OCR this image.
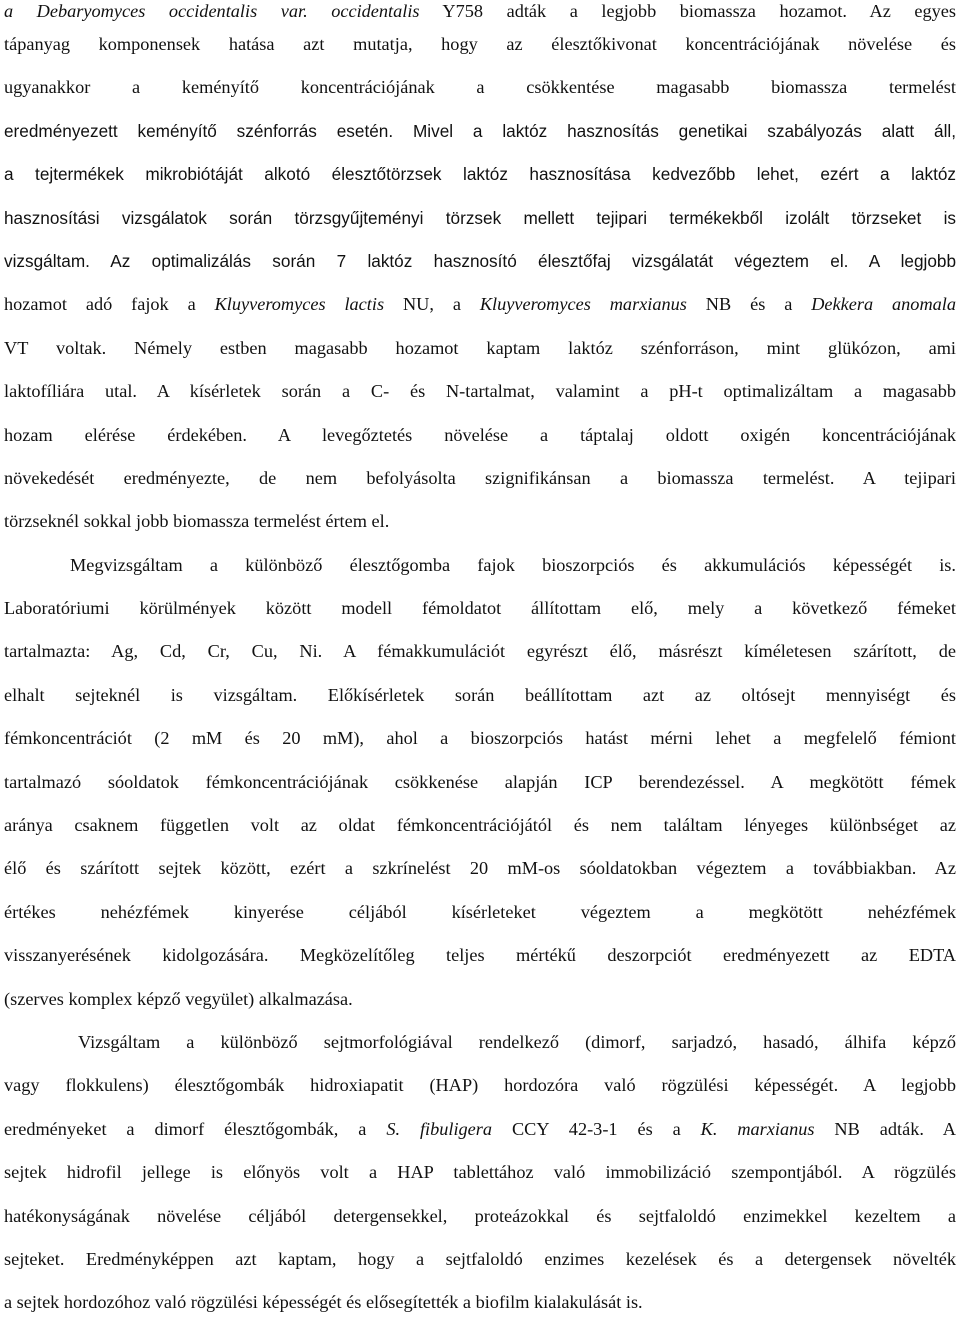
a Debaryomyces occidentalis var. occidentalis Y758 adták a legjobb biomassza hozamot. Az egyes
tápanyag komponensek hatása azt mutatja, hogy az élesztőkivonat koncentrációjának növelése és
ugyanakkor a keményítő koncentrációjának a csökkentése magasabb biomassza termelést
eredményezett keményítő szénforrás esetén. Mivel a laktóz hasznosítás genetikai szabályozás alatt áll,
a tejtermékek mikrobiótáját alkotó élesztőtörzsek laktóz hasznosítása kedvezőbb lehet, ezért a laktóz
hasznosítási vizsgálatok során törzsgyűjteményi törzsek mellett tejipari termékekből izolált törzseket is
vizsgáltam. Az optimalizálás során 7 laktóz hasznosító élesztőfaj vizsgálatát végeztem el. A legjobb
hozamot adó fajok a Kluyveromyces lactis NU, a Kluyveromyces marxianus NB és a Dekkera anomala
VT voltak. Némely estben magasabb hozamot kaptam laktóz szénforráson, mint glükózon, ami
laktofíliára utal. A kísérletek során a C- és N-tartalmat, valamint a pH-t optimalizáltam a magasabb
hozam elérése érdekében. A levegőztetés növelése a táptalaj oldott oxigén koncentrációjának
növekedését eredményezte, de nem befolyásolta szignifikánsan a biomassza termelést. A tejipari
törzseknél sokkal jobb biomassza termelést értem el.
Megvizsgáltam a különböző élesztőgomba fajok bioszorpciós és akkumulációs képességét is.
Laboratóriumi körülmények között modell fémoldatot állítottam elő, mely a következő fémeket
tartalmazta: Ag, Cd, Cr, Cu, Ni. A fémakkumulációt egyrészt élő, másrészt kíméletesen szárított, de
elhalt sejteknél is vizsgáltam. Előkísérletek során beállítottam azt az oltósejt mennyiségt és
fémkoncentrációt (2 mM és 20 mM), ahol a bioszorpciós hatást mérni lehet a megfelelő fémiont
tartalmazó sóoldatok fémkoncentrációjának csökkenése alapján ICP berendezéssel. A megkötött fémek
aránya csaknem független volt az oldat fémkoncentrációjától és nem találtam lényeges különbséget az
élő és szárított sejtek között, ezért a szkrínelést 20 mM-os sóoldatokban végeztem a továbbiakban. Az
értékes nehézfémek kinyerése céljából kísérleteket végeztem a megkötött nehézfémek
visszanyerésének kidolgozására. Megközelítőleg teljes mértékű deszorpciót eredményezett az EDTA
(szerves komplex képző vegyület) alkalmazása.
Vizsgáltam a különböző sejtmorfológiával rendelkező (dimorf, sarjadzó, hasadó, álhifa képző
vagy flokkulens) élesztőgombák hidroxiapatit (HAP) hordozóra való rögzülési képességét. A legjobb
eredményeket a dimorf élesztőgombák, a S. fibuligera CCY 42-3-1 és a K. marxianus NB adták. A
sejtek hidrofil jellege is előnyös volt a HAP tablettához való immobilizáció szempontjából. A rögzülés
hatékonyságának növelése céljából detergensekkel, proteázokkal és sejtfaloldó enzimekkel kezeltem a
sejteket. Eredményképpen azt kaptam, hogy a sejtfaloldó enzimes kezelések és a detergensek növelték
a sejtek hordozóhoz való rögzülési képességét és elősegítették a biofilm kialakulását is.
